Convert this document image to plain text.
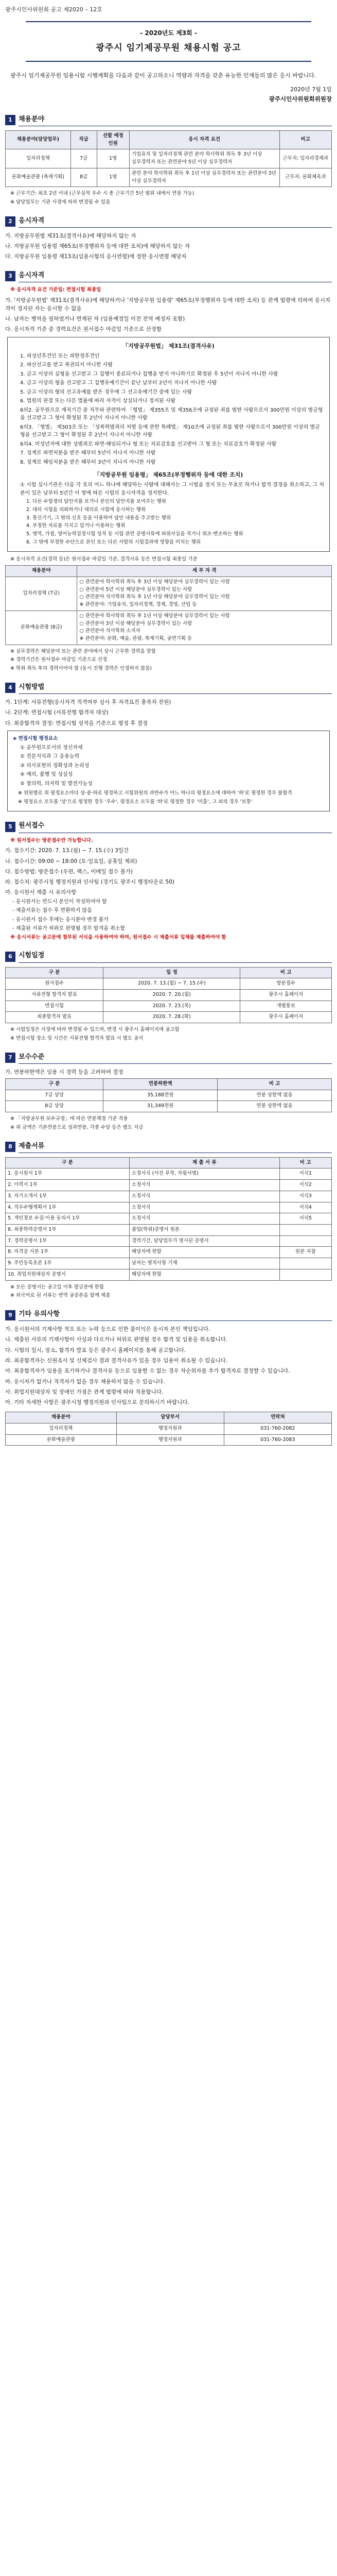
광주시인사위원회 공고 제2020 – 12호
- 2020년도 제3회 -
광주시 임기제공무원 채용시험 공고

광주시 임기제공무원 임용시험 시행계획을 다음과 같이 공고하오니 역량과 자격을 갖춘 유능한 인재들의 많은 응시 바랍니다.

2020년 7월 1일
광주시인사위원회위원장
1 채용분야
채용분야(담당업무)	직급	선발 예정 인원	응시 자격 요건	비고
일자리정책	7급	1명	기업유치 및 일자리정책 관련 분야 학사학위 취득 후 3년 이상 실무경력자 또는 관련분야 5년 이상 실무경력자	근무지: 일자리경제과
문화예술관광 (축제기획)	8급	1명	관련 분야 학사학위 취득 후 1년 이상 실무경력자 또는 관련분야 3년 이상 실무경력자	근무지: 문화체육과
※ 근무기간: 최초 2년 이내 (근무실적 우수 시 총 근무기간 5년 범위 내에서 연장 가능)
※ 담당업무는 기관 사정에 따라 변경될 수 있음
2 응시자격
가. 지방공무원법 제31조(결격사유)에 해당하지 않는 자
나. 지방공무원 임용령 제65조(부정행위자 등에 대한 조치)에 해당하지 않는 자
다. 지방공무원 임용령 제13조(임용시험의 응시연령)에 정한 응시연령 해당자
3 응시자격
※ 응시자격 요건 기준일: 면접시험 최종일
가. '지방공무원법' 제31조(결격사유)에 해당하거나 '지방공무원 임용령' 제65조(부정행위자 등에 대한 조치) 등 관계 법령에 의하여 응시자격이 정지된 자는 응시할 수 없음
나. 남자는 병역을 필하였거나 면제된 자 (임용예정일 이전 전역 예정자 포함)
다. 응시자격 기준 중 경력요건은 원서접수 마감일 기준으로 산정함
「지방공무원법」 제31조(결격사유)
1. 피성년후견인 또는 피한정후견인
2. 파산선고를 받고 복권되지 아니한 사람
3. 금고 이상의 실형을 선고받고 그 집행이 종료되거나 집행을 받지 아니하기로 확정된 후 5년이 지나지 아니한 사람
4. 금고 이상의 형을 선고받고 그 집행유예기간이 끝난 날부터 2년이 지나지 아니한 사람
5. 금고 이상의 형의 선고유예를 받은 경우에 그 선고유예기간 중에 있는 사람
6. 법원의 판결 또는 다른 법률에 따라 자격이 상실되거나 정지된 사람
6의2. 공무원으로 재직기간 중 직무와 관련하여 「형법」 제355조 및 제356조에 규정된 죄를 범한 사람으로서 300만원 이상의 벌금형을 선고받고 그 형이 확정된 후 2년이 지나지 아니한 사람
6의3. 「형법」 제303조 또는 「성폭력범죄의 처벌 등에 관한 특례법」 제10조에 규정된 죄를 범한 사람으로서 300만원 이상의 벌금형을 선고받고 그 형이 확정된 후 2년이 지나지 아니한 사람
6의4. 미성년자에 대한 성범죄로 파면·해임되거나 형 또는 치료감호를 선고받아 그 형 또는 치료감호가 확정된 사람
7. 징계로 파면처분을 받은 때부터 5년이 지나지 아니한 사람
8. 징계로 해임처분을 받은 때부터 3년이 지나지 아니한 사람
「지방공무원 임용령」 제65조(부정행위자 등에 대한 조치)
① 시험 실시기관은 다음 각 호의 어느 하나에 해당하는 사람에 대해서는 그 시험을 정지 또는 무효로 하거나 합격 결정을 취소하고, 그 처분이 있은 날부터 5년간 이 영에 따른 시험의 응시자격을 정지한다.
1. 다른 수험생의 답안지를 보거나 본인의 답안지를 보여주는 행위
2. 대리 시험을 의뢰하거나 대리로 시험에 응시하는 행위
3. 통신기기, 그 밖의 신호 등을 이용하여 답안 내용을 주고받는 행위
4. 부정한 자료를 가지고 있거나 이용하는 행위
5. 병역, 가점, 영어능력검정시험 성적 등 시험 관련 증명서류에 허위사실을 적거나 위조·변조하는 행위
6. 그 밖에 부정한 수단으로 본인 또는 다른 사람의 시험결과에 영향을 미치는 행위
※ 응시자격 요건(경력 등)은 원서접수 마감일 기준, 결격사유 등은 면접시험 최종일 기준
채용분야	세 부 자 격
일자리정책 (7급)	○ 관련분야 학사학위 취득 후 3년 이상 해당분야 실무경력이 있는 사람
○ 관련분야 5년 이상 해당분야 실무경력이 있는 사람
○ 관련분야 석사학위 취득 후 1년 이상 해당분야 실무경력이 있는 사람
※ 관련분야: 기업유치, 일자리정책, 경제, 경영, 산업 등
문화예술관광 (8급)	○ 관련분야 학사학위 취득 후 1년 이상 해당분야 실무경력이 있는 사람
○ 관련분야 3년 이상 해당분야 실무경력이 있는 사람
○ 관련분야 석사학위 소지자
※ 관련분야: 문화, 예술, 관광, 축제기획, 공연기획 등
※ 실무경력은 해당분야 또는 관련 분야에서 상시 근무한 경력을 말함
※ 경력기간은 원서접수 마감일 기준으로 산정
※ 학위 취득 후의 경력이어야 함 (동시 진행 경력은 인정하지 않음)
4 시험방법
가. 1단계: 서류전형(응시자격 적격여부 심사 후 자격요건 충족자 전원)
나. 2단계: 면접시험 (서류전형 합격자 대상)
다. 최종합격자 결정: 면접시험 성적을 기준으로 평정 후 결정
◈ 면접시험 평정요소
① 공무원으로서의 정신자세
② 전문지식과 그 응용능력
③ 의사표현의 정확성과 논리성
④ 예의, 품행 및 성실성
⑤ 창의력, 의지력 및 발전가능성
※ 위원별로 위 평정요소마다 상·중·하로 평정하고 시험위원의 과반수가 어느 하나의 평정요소에 대하여 '하'로 평정한 경우 불합격
※ 평정요소 모두를 '상'으로 평정한 경우 '우수', 평정요소 모두를 '하'로 평정한 경우 '미흡', 그 외의 경우 '보통'
5 원서접수
※ 원서접수는 방문접수만 가능합니다.
가. 접수기간: 2020. 7. 13.(월) ~ 7. 15.(수) 3일간
나. 접수시간: 09:00 ~ 18:00 (토·일요일, 공휴일 제외)
다. 접수방법: 방문접수 (우편, 팩스, 이메일 접수 불가)
라. 접수처: 광주시청 행정지원과 인사팀 (경기도 광주시 행정타운로 50)
마. 응시원서 제출 시 유의사항
- 응시원서는 반드시 본인이 작성하여야 함
- 제출서류는 접수 후 반환하지 않음
- 응시원서 접수 후에는 응시분야 변경 불가
- 제출된 서류가 허위로 판명될 경우 합격을 취소함
※ 응시서류는 공고문에 첨부된 서식을 사용하여야 하며, 원서접수 시 제출서류 일체를 제출하여야 함
6 시험일정
구 분	일 정	비 고
원서접수	2020. 7. 13.(월) ~ 7. 15.(수)	방문접수
서류전형 합격자 발표	2020. 7. 20.(월)	광주시 홈페이지
면접시험	2020. 7. 23.(목)	개별통보
최종합격자 발표	2020. 7. 28.(화)	광주시 홈페이지
※ 시험일정은 사정에 따라 변경될 수 있으며, 변경 시 광주시 홈페이지에 공고함
※ 면접시험 장소 및 시간은 서류전형 합격자 발표 시 별도 공지
7 보수수준
가. 연봉하한액은 임용 시 경력 등을 고려하여 결정
구 분	연봉하한액	비 고
7급 상당	35,188천원	연봉 상한액 없음
8급 상당	31,349천원	연봉 상한액 없음
※ 「지방공무원 보수규정」에 따른 연봉책정 기준 적용
※ 위 금액은 기본연봉으로 성과연봉, 각종 수당 등은 별도 지급
8 제출서류
구 분	제 출 서 류	비 고
1. 응시원서 1부	소정서식 (사진 부착, 자필서명)	서식1
2. 이력서 1부	소정서식	서식2
3. 자기소개서 1부	소정서식	서식3
4. 직무수행계획서 1부	소정서식	서식4
5. 개인정보 수집·이용 동의서 1부	소정서식	서식5
6. 최종학력증명서 1부	졸업(학위)증명서 원본	
7. 경력증명서 1부	경력기간, 담당업무가 명시된 증명서	
8. 자격증 사본 1부	해당자에 한함	원본 지참
9. 주민등록초본 1부	남자는 병적사항 기재	
10. 취업지원대상자 증명서	해당자에 한함	
※ 모든 증명서는 공고일 이후 발급분에 한함
※ 외국어로 된 서류는 번역 공증본을 함께 제출
9 기타 유의사항
가. 응시원서의 기재사항 착오 또는 누락 등으로 인한 불이익은 응시자 본인 책임입니다.
나. 제출된 서류의 기재사항이 사실과 다르거나 허위로 판명될 경우 합격 및 임용을 취소합니다.
다. 시험의 일시, 장소, 합격자 발표 등은 광주시 홈페이지를 통해 공고합니다.
라. 최종합격자는 신원조사 및 신체검사 결과 결격사유가 있을 경우 임용이 취소될 수 있습니다.
마. 최종합격자가 임용을 포기하거나 결격사유 등으로 임용할 수 없는 경우 차순위자를 추가 합격자로 결정할 수 있습니다.
바. 응시자가 없거나 적격자가 없을 경우 채용하지 않을 수 있습니다.
사. 취업지원대상자 및 장애인 가점은 관계 법령에 따라 적용합니다.
아. 기타 자세한 사항은 광주시청 행정지원과 인사팀으로 문의하시기 바랍니다.
채용분야	담당부서	연락처
일자리정책	행정지원과	031-760-2082
문화예술관광	행정지원과	031-760-2083
